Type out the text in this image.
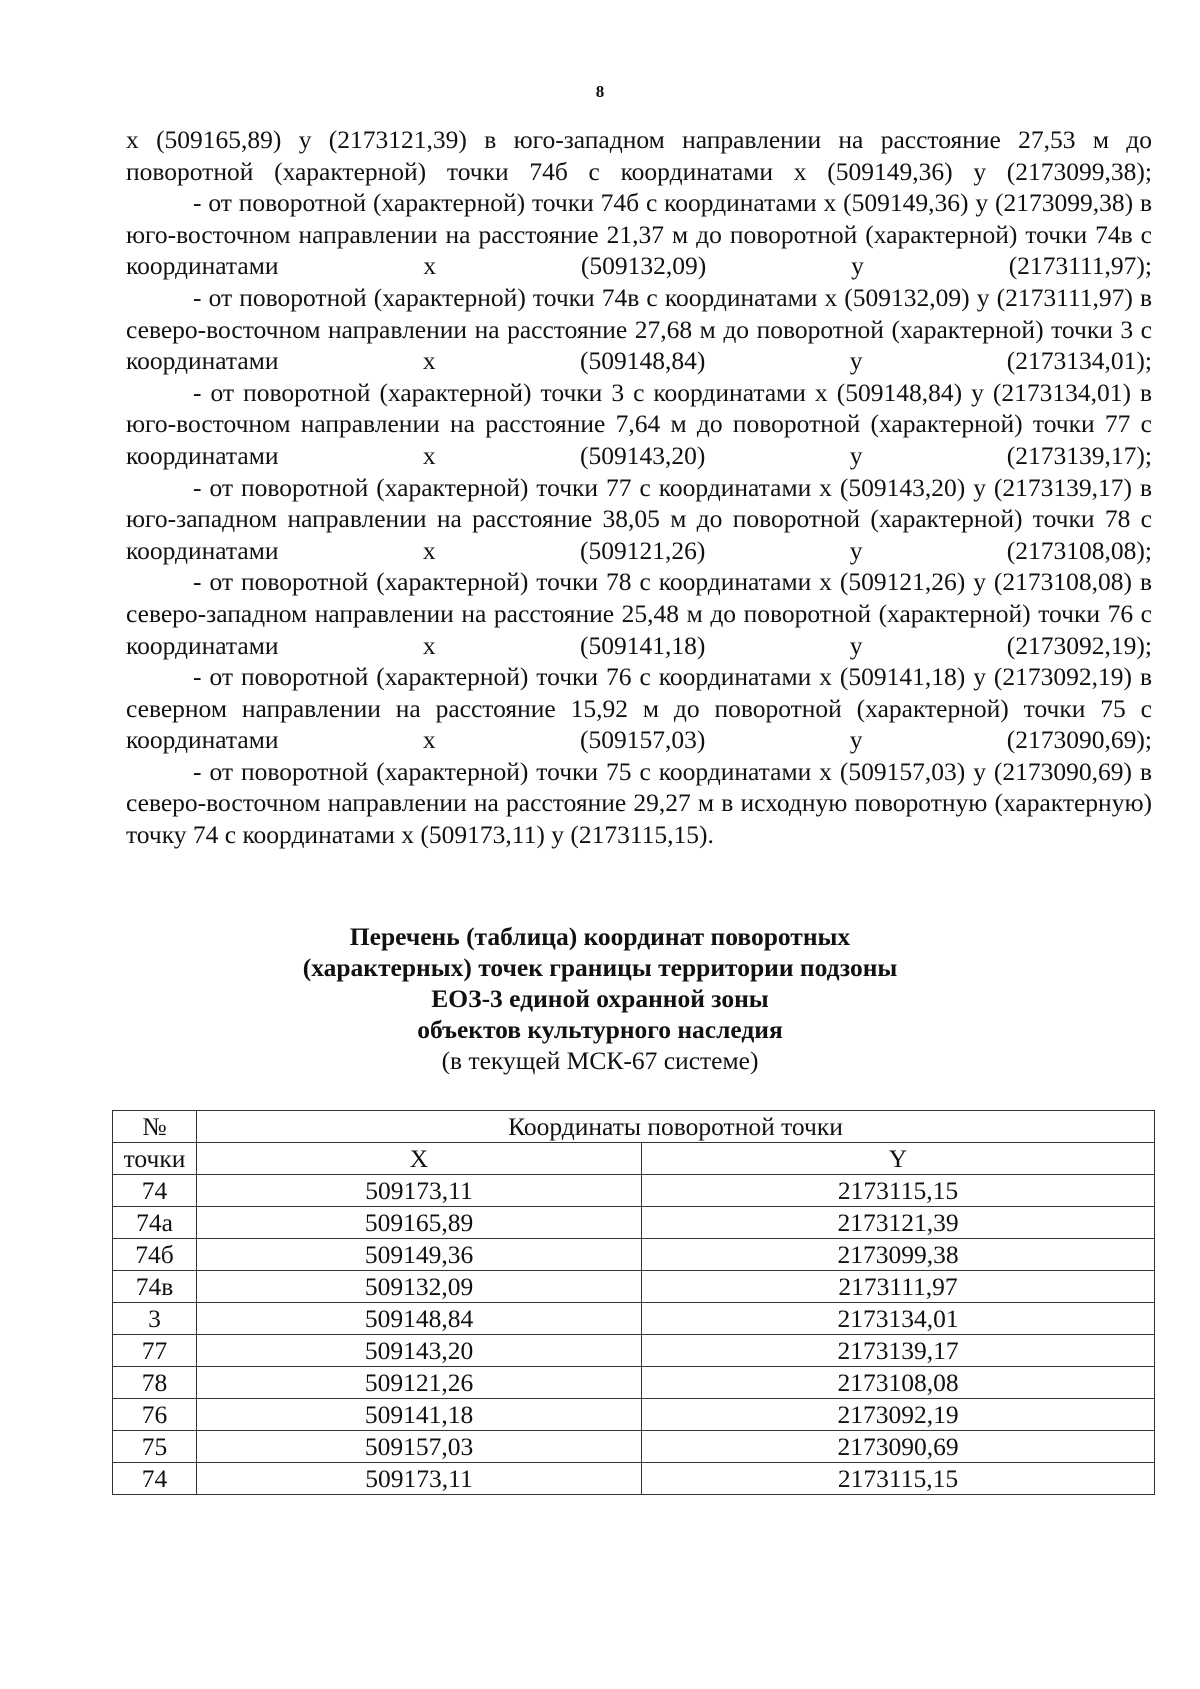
8

х (509165,89) у (2173121,39) в юго-западном направлении на расстояние 27,53 м до поворотной (характерной) точки 74б с координатами х (509149,36) у (2173099,38);

- от поворотной (характерной) точки 74б с координатами х (509149,36) у (2173099,38) в юго-восточном направлении на расстояние 21,37 м до поворотной (характерной) точки 74в с координатами х (509132,09) у (2173111,97);

- от поворотной (характерной) точки 74в с координатами х (509132,09) у (2173111,97) в северо-восточном направлении на расстояние 27,68 м до поворотной (характерной) точки 3 с координатами х (509148,84) у (2173134,01);

- от поворотной (характерной) точки 3 с координатами х (509148,84) у (2173134,01) в юго-восточном направлении на расстояние 7,64 м до поворотной (характерной) точки 77 с координатами х (509143,20) у (2173139,17);

- от поворотной (характерной) точки 77 с координатами х (509143,20) у (2173139,17) в юго-западном направлении на расстояние 38,05 м до поворотной (характерной) точки 78 с координатами х (509121,26) у (2173108,08);

- от поворотной (характерной) точки 78 с координатами х (509121,26) у (2173108,08) в северо-западном направлении на расстояние 25,48 м до поворотной (характерной) точки 76 с координатами х (509141,18) у (2173092,19);

- от поворотной (характерной) точки 76 с координатами х (509141,18) у (2173092,19) в северном направлении на расстояние 15,92 м до поворотной (характерной) точки 75 с координатами х (509157,03) у (2173090,69);

- от поворотной (характерной) точки 75 с координатами х (509157,03) у (2173090,69) в северо-восточном направлении на расстояние 29,27 м в исходную поворотную (характерную) точку 74 с координатами х (509173,11) у (2173115,15).

Перечень (таблица) координат поворотных
(характерных) точек границы территории подзоны
ЕОЗ-3 единой охранной зоны
объектов культурного наследия
(в текущей МСК-67 системе)
№	Координаты поворотной точки	
точки	X	Y
74	509173,11	2173115,15
74а	509165,89	2173121,39
74б	509149,36	2173099,38
74в	509132,09	2173111,97
3	509148,84	2173134,01
77	509143,20	2173139,17
78	509121,26	2173108,08
76	509141,18	2173092,19
75	509157,03	2173090,69
74	509173,11	2173115,15
